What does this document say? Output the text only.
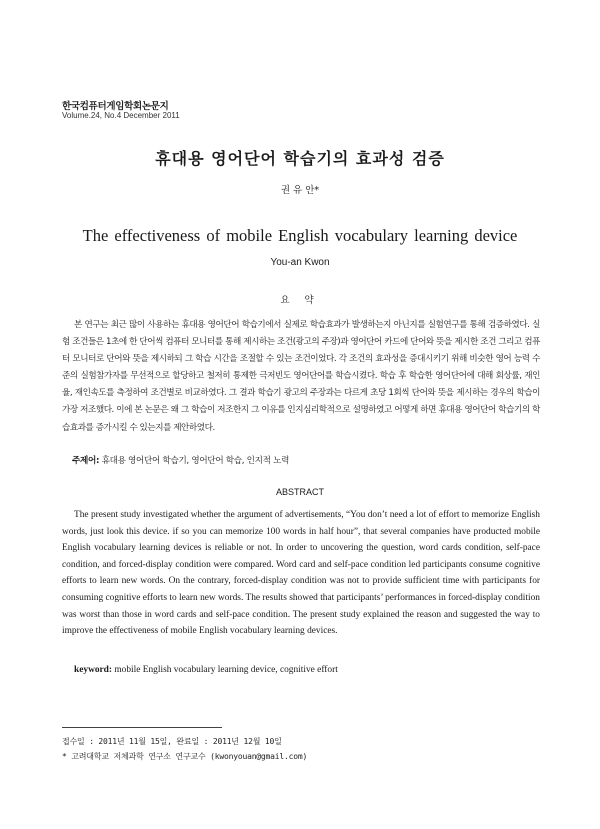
한국컴퓨터게임학회논문지
Volume.24, No.4 December 2011
휴대용 영어단어 학습기의 효과성 검증
권 유 안*
The effectiveness of mobile English vocabulary learning device
You-an Kwon
요 약

본 연구는 최근 많이 사용하는 휴대용 영어단어 학습기에서 실제로 학습효과가 발생하는지 아닌지를 실험연구를 통해 검증하였다. 실험 조건들은 1초에 한 단어씩 컴퓨터 모니터를 통해 제시하는 조건(광고의 주장)과 영어단어 카드에 단어와 뜻을 제시한 조건 그리고 컴퓨터 모니터로 단어와 뜻을 제시하되 그 학습 시간을 조절할 수 있는 조건이었다. 각 조건의 효과성을 증대시키기 위해 비슷한 영어 능력 수준의 실험참가자를 무선적으로 할당하고 철저히 통제한 극저빈도 영어단어를 학습시켰다. 학습 후 학습한 영어단어에 대해 회상률, 재인율, 재인속도를 측정하여 조건별로 비교하였다. 그 결과 학습기 광고의 주장과는 다르게 초당 1회씩 단어와 뜻을 제시하는 경우의 학습이 가장 저조했다. 이에 본 논문은 왜 그 학습이 저조한지 그 이유를 인지심리학적으로 설명하였고 어떻게 하면 휴대용 영어단어 학습기의 학습효과를 증가시킬 수 있는지를 제안하였다.

주제어: 휴대용 영어단어 학습기, 영어단어 학습, 인지적 노력
ABSTRACT

The present study investigated whether the argument of advertisements, “You don’t need a lot of effort to memorize English words, just look this device. if so you can memorize 100 words in half hour”, that several companies have producted mobile English vocabulary learning devices is reliable or not. In order to uncovering the question, word cards condition, self-pace condition, and forced-display condition were compared. Word card and self-pace condition led participants consume cognitive efforts to learn new words. On the contrary, forced-display condition was not to provide sufficient time with participants for consuming cognitive efforts to learn new words. The results showed that participants’ performances in forced-display condition was worst than those in word cards and self-pace condition. The present study explained the reason and suggested the way to improve the effectiveness of mobile English vocabulary learning devices.

keyword: mobile English vocabulary learning device, cognitive effort
접수일 : 2011년 11월 15일, 완료일 : 2011년 12월 10일
* 고려대학교 저체과학 연구소 연구교수 (kwonyouan@gmail.com)
